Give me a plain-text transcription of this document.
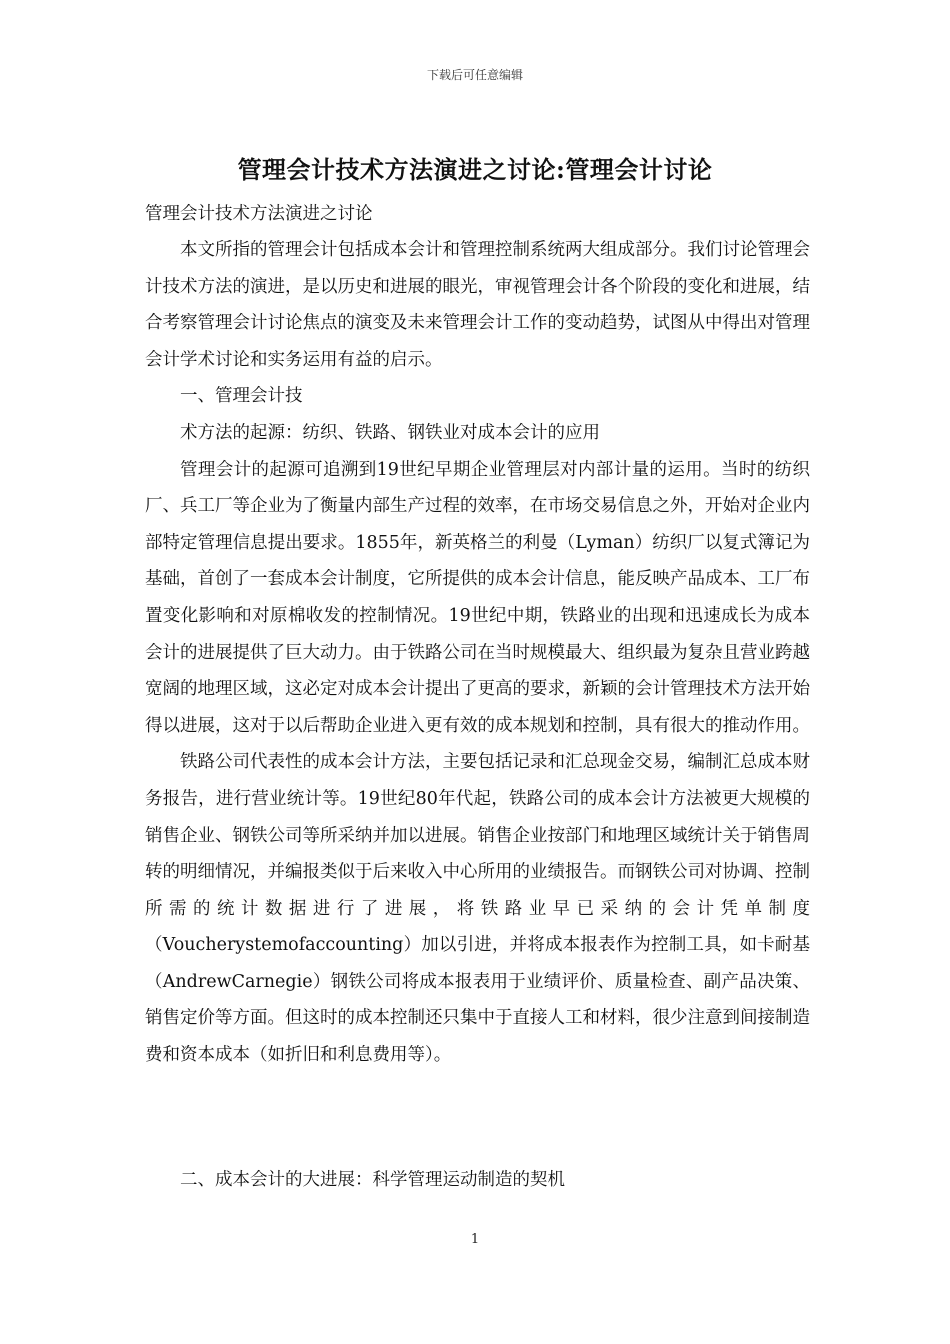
下载后可任意编辑
管理会计技术方法演进之讨论:管理会计讨论

管理会计技术方法演进之讨论

本文所指的管理会计包括成本会计和管理控制系统两大组成部分。我们讨论管理会计技术方法的演进，是以历史和进展的眼光，审视管理会计各个阶段的变化和进展，结合考察管理会计讨论焦点的演变及未来管理会计工作的变动趋势，试图从中得出对管理会计学术讨论和实务运用有益的启示。

一、管理会计技

术方法的起源：纺织、铁路、钢铁业对成本会计的应用

管理会计的起源可追溯到19世纪早期企业管理层对内部计量的运用。当时的纺织厂、兵工厂等企业为了衡量内部生产过程的效率，在市场交易信息之外，开始对企业内部特定管理信息提出要求。1855年，新英格兰的利曼（Lyman）纺织厂以复式簿记为基础，首创了一套成本会计制度，它所提供的成本会计信息，能反映产品成本、工厂布置变化影响和对原棉收发的控制情况。19世纪中期，铁路业的出现和迅速成长为成本会计的进展提供了巨大动力。由于铁路公司在当时规模最大、组织最为复杂且营业跨越宽阔的地理区域，这必定对成本会计提出了更高的要求，新颖的会计管理技术方法开始得以进展，这对于以后帮助企业进入更有效的成本规划和控制，具有很大的推动作用。

铁路公司代表性的成本会计方法，主要包括记录和汇总现金交易，编制汇总成本财务报告，进行营业统计等。19世纪80年代起，铁路公司的成本会计方法被更大规模的销售企业、钢铁公司等所采纳并加以进展。销售企业按部门和地理区域统计关于销售周转的明细情况，并编报类似于后来收入中心所用的业绩报告。而钢铁公司对协调、控制所需的统计数据进行了进展，将铁路业早已采纳的会计凭单制度（Voucherystemofaccounting）加以引进，并将成本报表作为控制工具，如卡耐基（AndrewCarnegie）钢铁公司将成本报表用于业绩评价、质量检查、副产品决策、销售定价等方面。但这时的成本控制还只集中于直接人工和材料，很少注意到间接制造费和资本成本（如折旧和利息费用等）。

二、成本会计的大进展：科学管理运动制造的契机

1
